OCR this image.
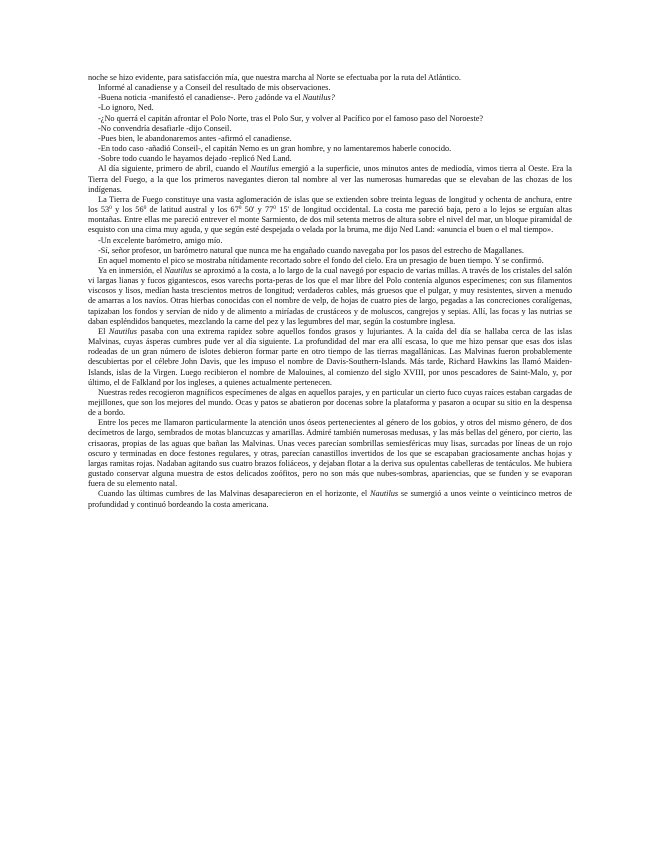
noche se hizo evidente, para satisfacción mía, que nuestra marcha al Norte se efectuaba por la ruta del Atlántico.

Informé al canadiense y a Conseil del resultado de mis observaciones.

-Buena noticia -manifestó el canadiense-. Pero ¿adónde va el Nautilus?

-Lo ignoro, Ned.

-¿No querrá el capitán afrontar el Polo Norte, tras el Polo Sur, y volver al Pacífico por el famoso paso del Noroeste?

-No convendría desafiarle -dijo Conseil.

-Pues bien, le abandonaremos antes -afirmó el canadiense.

-En todo caso -añadió Conseil-, el capitán Nemo es un gran hombre, y no lamentaremos haberle conocido.

-Sobre todo cuando le hayamos dejado -replicó Ned Land.

Al día siguiente, primero de abril, cuando el Nautilus emergió a la superficie, unos minutos antes de mediodía, vimos tierra al Oeste. Era la Tierra del Fuego, a la que los primeros navegantes dieron tal nombre al ver las numerosas humaredas que se elevaban de las chozas de los indígenas.

La Tierra de Fuego constituye una vasta aglomeración de islas que se extienden sobre treinta leguas de longitud y ochenta de anchura, entre los $53^0$ y los $56^0$ de latitud austral y los $67^0$ 50' y $77^0$ 15' de longitud occidental. La costa me pareció baja, pero a lo lejos se erguían altas montañas. Entre ellas me pareció entrever el monte Sarmiento, de dos mil setenta metros de altura sobre el nivel del mar, un bloque piramidal de esquisto con una cima muy aguda, y que según esté despejada o velada por la bruma, me dijo Ned Land: «anuncia el buen o el mal tiempo».

-Un excelente barómetro, amigo mío.

-Sí, señor profesor, un barómetro natural que nunca me ha engañado cuando navegaba por los pasos del estrecho de Magallanes.

En aquel momento el pico se mostraba nítidamente recortado sobre el fondo del cielo. Era un presagio de buen tiempo. Y se confirmó.

Ya en inmersión, el Nautilus se aproximó a la costa, a lo largo de la cual navegó por espacio de varias millas. A través de los cristales del salón vi largas lianas y fucos gigantescos, esos varechs porta-peras de los que el mar libre del Polo contenía algunos especímenes; con sus filamentos viscosos y lisos, medían hasta trescientos metros de longitud; verdaderos cables, más gruesos que el pulgar, y muy resistentes, sirven a menudo de amarras a los navíos. Otras hierbas conocidas con el nombre de velp, de hojas de cuatro pies de largo, pegadas a las concreciones coralígenas, tapizaban los fondos y servían de nido y de alimento a miríadas de crustáceos y de moluscos, cangrejos y sepias. Allí, las focas y las nutrias se daban espléndidos banquetes, mezclando la carne del pez y las legumbres del mar, según la costumbre inglesa.

El Nautilus pasaba con una extrema rapidez sobre aquellos fondos grasos y lujuriantes. A la caída del día se hallaba cerca de las islas Malvinas, cuyas ásperas cumbres pude ver al día siguiente. La profundidad del mar era allí escasa, lo que me hizo pensar que esas dos islas rodeadas de un gran número de islotes debieron formar parte en otro tiempo de las tierras magallánicas. Las Malvinas fueron probablemente descubiertas por el célebre John Davis, que les impuso el nombre de Davis-Southern-Islands. Más tarde, Richard Hawkins las llamó Maiden-Islands, islas de la Virgen. Luego recibieron el nombre de Malouines, al comienzo del siglo XVIII, por unos pescadores de Saint-Malo, y, por último, el de Falkland por los ingleses, a quienes actualmente pertenecen.

Nuestras redes recogieron magníficos especímenes de algas en aquellos parajes, y en particular un cierto fuco cuyas raíces estaban cargadas de mejillones, que son los mejores del mundo. Ocas y patos se abatieron por docenas sobre la plataforma y pasaron a ocupar su sitio en la despensa de a bordo.

Entre los peces me llamaron particularmente la atención unos óseos pertenecientes al género de los gobios, y otros del mismo género, de dos decímetros de largo, sembrados de motas blancuzcas y amarillas. Admiré también numerosas medusas, y las más bellas del género, por cierto, las crisaoras, propias de las aguas que bañan las Malvinas. Unas veces parecían sombrillas semiesféricas muy lisas, surcadas por líneas de un rojo oscuro y terminadas en doce festones regulares, y otras, parecían canastillos invertidos de los que se escapaban graciosamente anchas hojas y largas ramitas rojas. Nadaban agitando sus cuatro brazos foliáceos, y dejaban flotar a la deriva sus opulentas cabelleras de tentáculos. Me hubiera gustado conservar alguna muestra de estos delicados zoófitos, pero no son más que nubes-sombras, apariencias, que se funden y se evaporan fuera de su elemento natal.

Cuando las últimas cumbres de las Malvinas desaparecieron en el horizonte, el Nautilus se sumergió a unos veinte o veinticinco metros de profundidad y continuó bordeando la costa americana.
